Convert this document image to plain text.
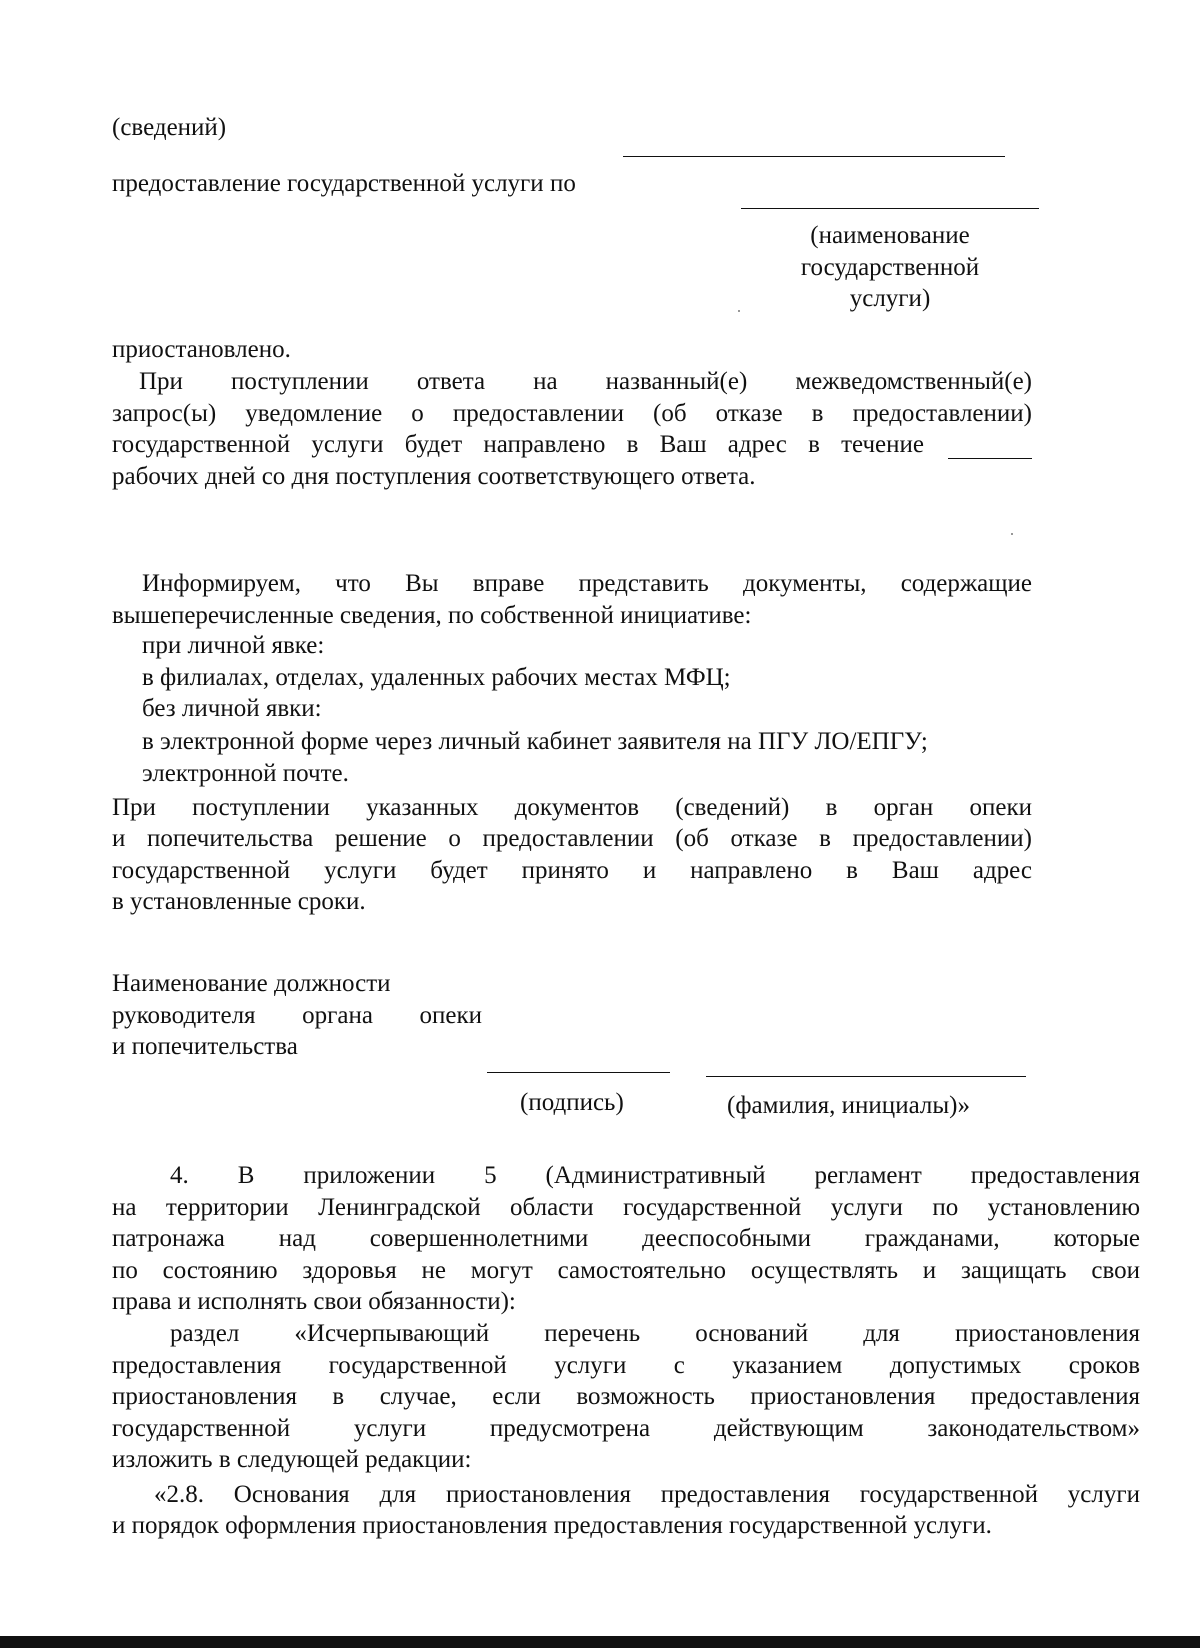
(сведений)
предоставление государственной услуги по
(наименование
государственной
услуги)
приостановлено.
При поступлении ответа на названный(е) межведомственный(е)
запрос(ы) уведомление о предоставлении (об отказе в предоставлении)
государственной услуги будет направлено в Ваш адрес в течение
рабочих дней со дня поступления соответствующего ответа.
Информируем, что Вы вправе представить документы, содержащие
вышеперечисленные сведения, по собственной инициативе:
при личной явке:
в филиалах, отделах, удаленных рабочих местах МФЦ;
без личной явки:
в электронной форме через личный кабинет заявителя на ПГУ ЛО/ЕПГУ;
электронной почте.
При поступлении указанных документов (сведений) в орган опеки
и попечительства решение о предоставлении (об отказе в предоставлении)
государственной услуги будет принято и направлено в Ваш адрес
в установленные сроки.
Наименование должности
руководителя органа опеки
и попечительства
(подпись)	(фамилия, инициалы)»
4. В приложении 5 (Административный регламент предоставления
на территории Ленинградской области государственной услуги по установлению
патронажа над совершеннолетними дееспособными гражданами, которые
по состоянию здоровья не могут самостоятельно осуществлять и защищать свои
права и исполнять свои обязанности):
раздел «Исчерпывающий перечень оснований для приостановления
предоставления государственной услуги с указанием допустимых сроков
приостановления в случае, если возможность приостановления предоставления
государственной услуги предусмотрена действующим законодательством»
изложить в следующей редакции:
«2.8. Основания для приостановления предоставления государственной услуги
и порядок оформления приостановления предоставления государственной услуги.
